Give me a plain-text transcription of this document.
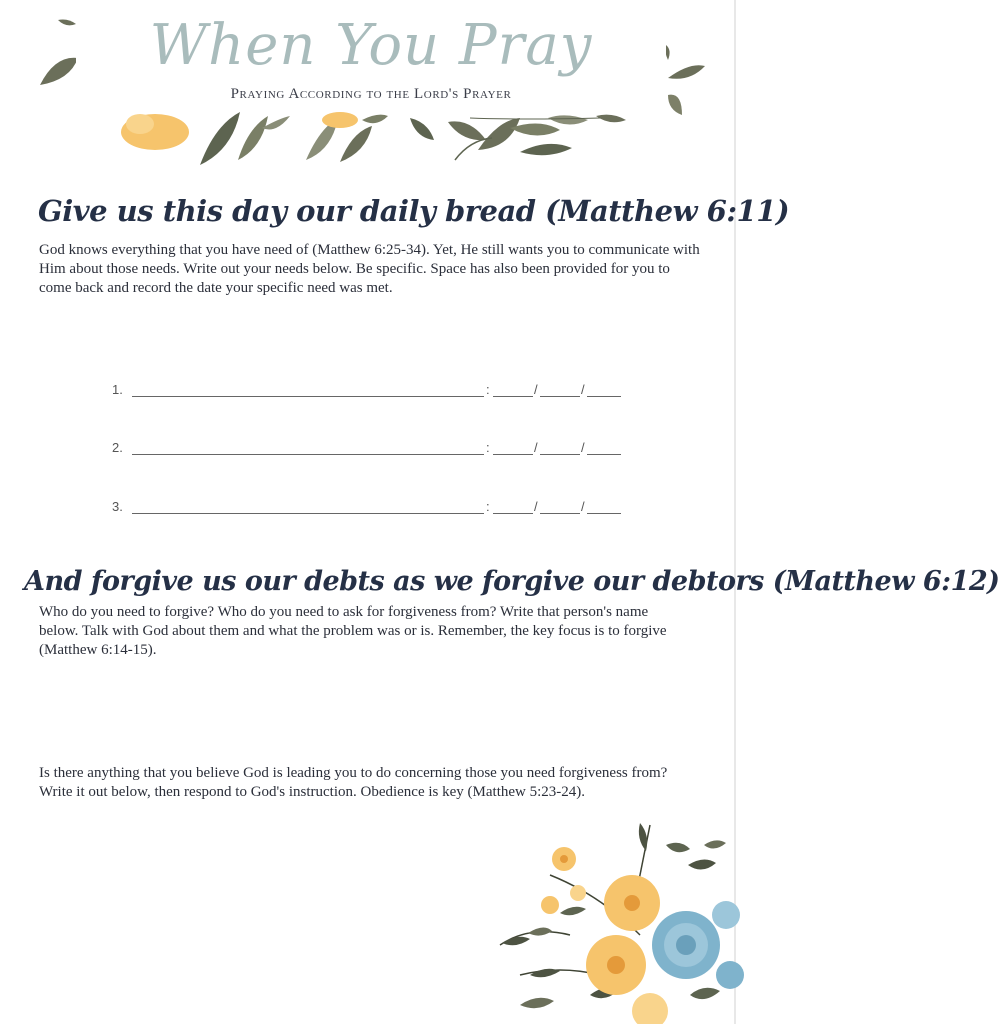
When You Pray
Praying According to the Lord's Prayer
Give us this day our daily bread (Matthew 6:11)

God knows everything that you have need of (Matthew 6:25-34). Yet, He still wants you to communicate with Him about those needs. Write out your needs below. Be specific. Space has also been provided for you to come back and record the date your specific need was met.

1.	:	/	/
2.	:	/	/
3.	:	/	/
And forgive us our debts as we forgive our debtors (Matthew 6:12)

Who do you need to forgive? Who do you need to ask for forgiveness from? Write that person's name below. Talk with God about them and what the problem was or is. Remember, the key focus is to forgive (Matthew 6:14-15).

Is there anything that you believe God is leading you to do concerning those you need forgiveness from? Write it out below, then respond to God's instruction. Obedience is key (Matthew 5:23-24).
